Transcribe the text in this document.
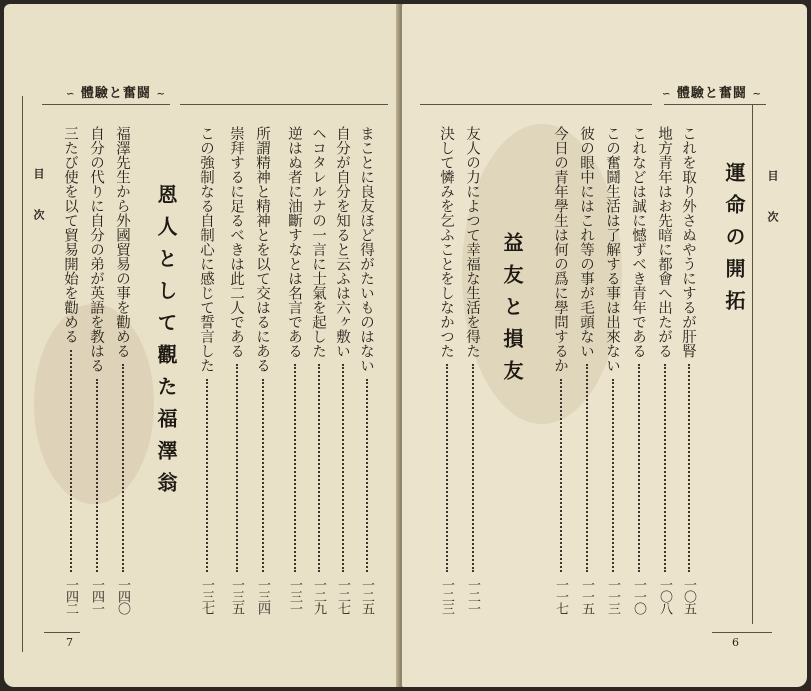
∽ 體驗と奮闘 ∼
目次	まことに良友ほど得がたいものはない
一二五
自分が自分を知ると云ふは六ヶ敷い
一二七
ヘコタレルナの一言に士氣を起した
一二九
逆はぬ者に油斷すなとは名言である
一三一
所謂精神と精神とを以て交はるにある
一三四
崇拜するに足るべきは此二人である
一三五
この強制なる自制心に感じて誓言した
一三七
恩人として觀た福澤翁
福澤先生から外國貿易の事を勸める
一四〇
自分の代りに自分の弟が英語を教はる
一四一
三たび使を以て貿易開始を勸める
一四二
7
∽ 體驗と奮闘 ∼
目次
運命の開拓
これを取り外さぬやうにするが肝腎
一〇五
地方青年はお先暗に都會へ出たがる
一〇八
これなどは誠に憾ずべき青年である
一一〇
この奮鬪生活は了解する事は出來ない
一一三
彼の眼中にはこれ等の事が毛頭ない
一一五
今日の青年學生は何の爲に學問するか
一一七
益友と損友
友人の力によつて幸福な生活を得た
一二一
決して憐みを乞ふことをしなかつた
一二三
6
